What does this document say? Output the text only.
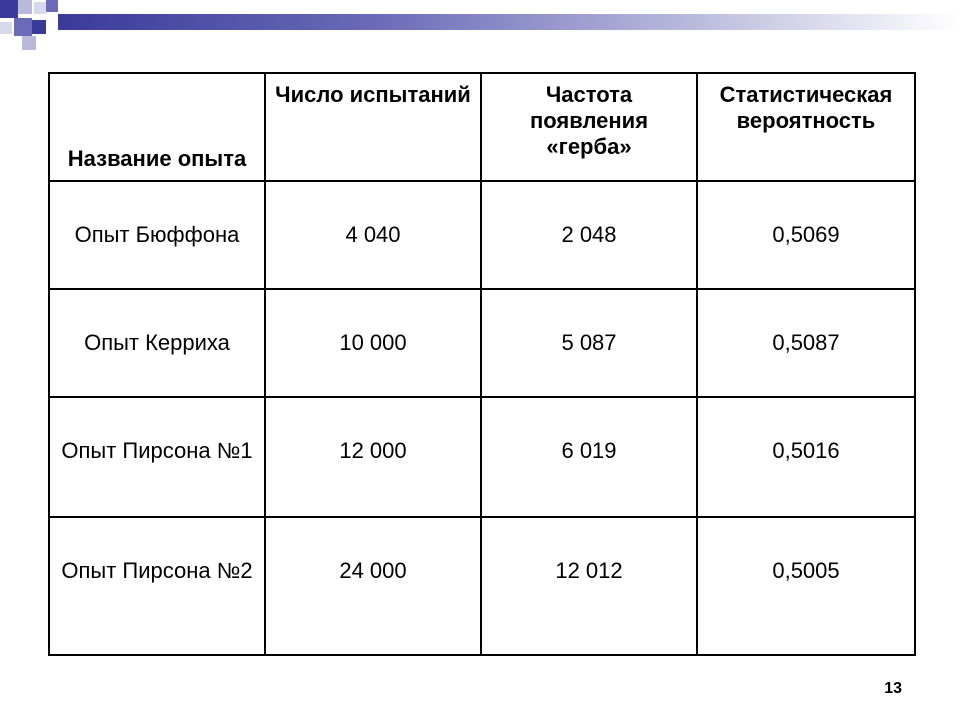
Название опыта	Число испытаний	Частота появления «герба»	Статистическая вероятность
Опыт Бюффона	4 040	2 048	0,5069
Опыт Керриха	10 000	5 087	0,5087
Опыт Пирсона №1	12 000	6 019	0,5016
Опыт Пирсона №2	24 000	12 012	0,5005
13
